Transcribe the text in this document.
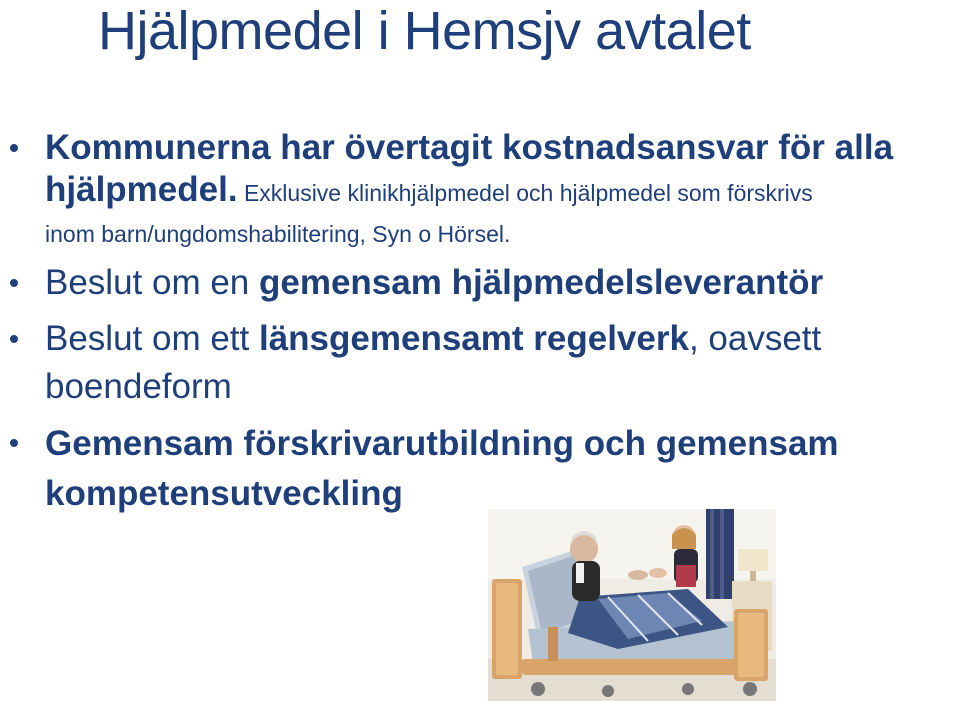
Hjälpmedel i Hemsjv avtalet
Kommunerna har övertagit kostnadsansvar för alla
hjälpmedel. Exklusive klinikhjälpmedel och hjälpmedel som förskrivs
inom barn/ungdomshabilitering, Syn o Hörsel.
Beslut om en gemensam hjälpmedelsleverantör
Beslut om ett länsgemensamt regelverk, oavsett
boendeform
Gemensam förskrivarutbildning och gemensam
kompetensutveckling
